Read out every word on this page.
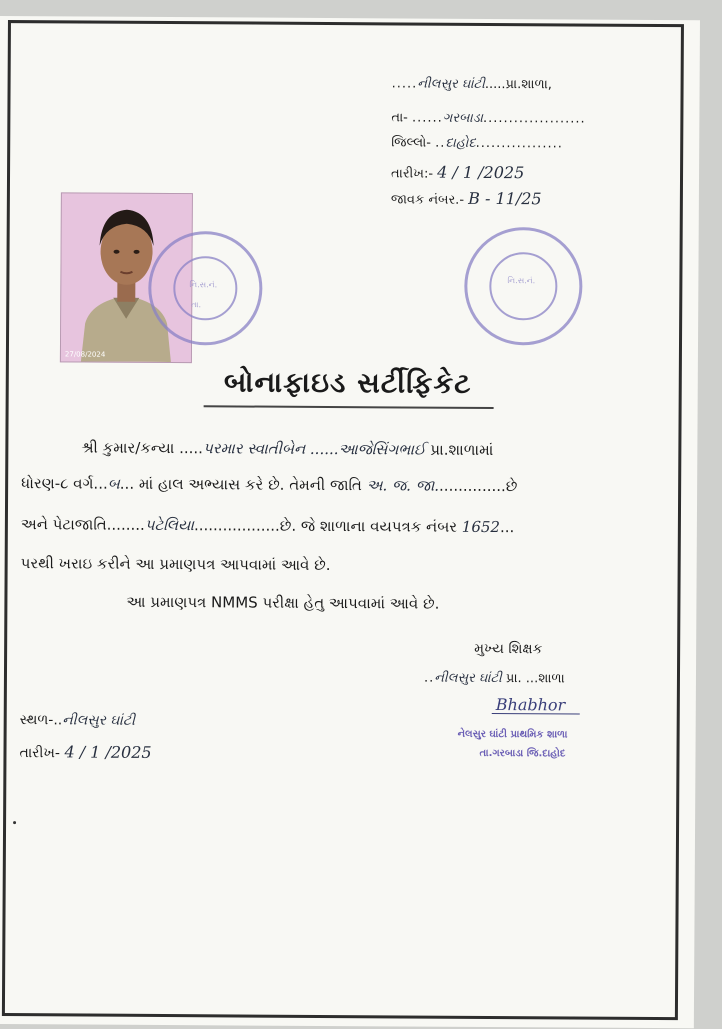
.....નીલસુર ઘાંટી.....પ્રા.શાળા,
તા- ......ગરબાડા....................
જિલ્લો- ..દાહોદ.................
તારીખ:- 4 / 1 /2025
જાવક નંબર.- B - 11/25
27/08/2024
નિ.સ.નં.
તા.
નિ.સ.નં.
બોનાફાઇડ સર્ટીફિકેટ
શ્રી કુમાર/કન્યા .....પરમાર સ્વાતીબેન ......આજેસિંગભાઈ પ્રા.શાળામાં
ધોરણ-૮ વર્ગ...બ... માં હાલ અભ્યાસ કરે છે. તેમની જાતિ અ. જ. જા...............છે
અને પેટાજાતિ........પટેલિયા..................છે. જે શાળાના વયપત્રક નંબર 1652...
પરથી ખરાઇ કરીને આ પ્રમાણપત્ર આપવામાં આવે છે.
આ પ્રમાણપત્ર NMMS પરીક્ષા હેતુ આપવામાં આવે છે.
મુખ્ય શિક્ષક
..નીલસુર ઘાંટી પ્રા. ...શાળા
Bhabhor
નેલસુર ઘાંટી પ્રાથમિક શાળા
તા.ગરબાડા જિ.દાહોદ
સ્થળ-..નીલસુર ઘાંટી
તારીખ- 4 / 1 /2025
